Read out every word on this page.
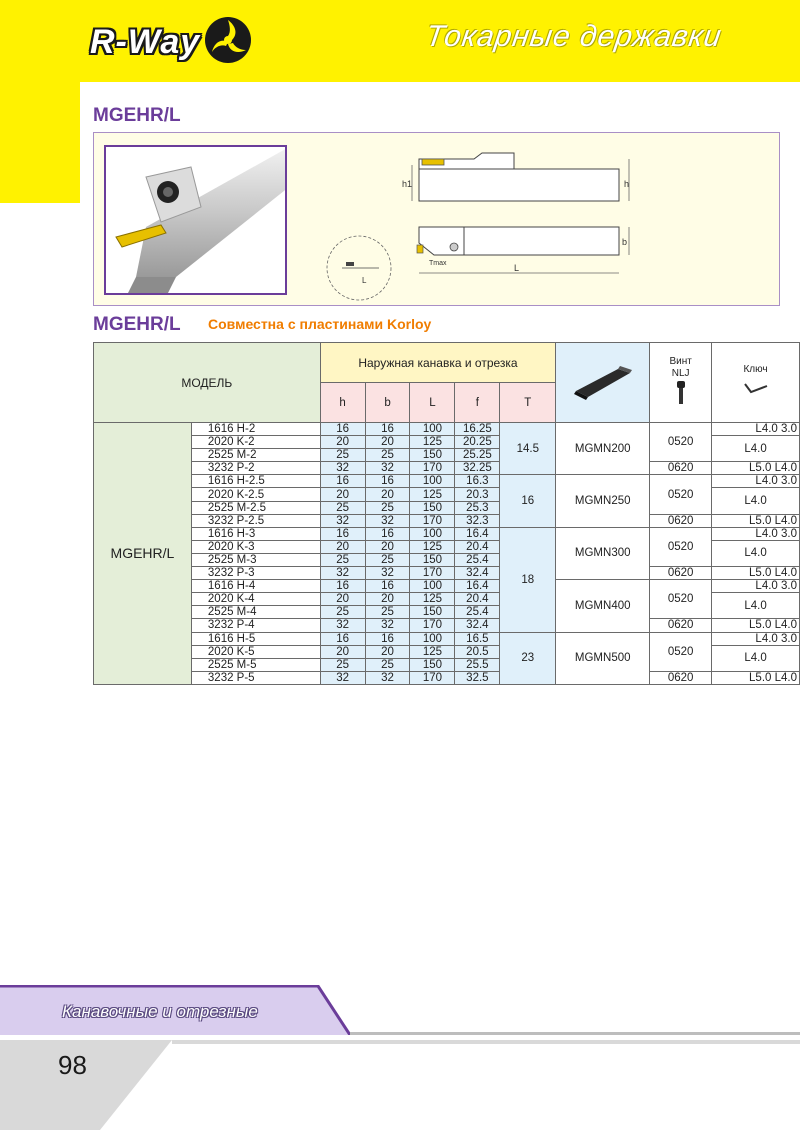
R-Way	Токарные державки
MGEHR/L
h1	h
b
L
Tmax
L
MGEHR/L Совместна с пластинами Korloy
МОДЕЛЬ		Наружная канавка и отрезка						Винт NLJ	Ключ

		h	b	L	f	T			
MGEHR/L	1616 H-2	16	16	100	16.25	14.5	MGMN200	0520	L4.0 3.0
	2020 K-2	20	20	125	20.25				L4.0
	2525 M-2	25	25	150	25.25				
	3232 P-2	32	32	170	32.25			0620	L5.0 L4.0
	1616 H-2.5	16	16	100	16.3	16	MGMN250	0520	L4.0 3.0
	2020 K-2.5	20	20	125	20.3				L4.0
	2525 M-2.5	25	25	150	25.3				
	3232 P-2.5	32	32	170	32.3			0620	L5.0 L4.0
	1616 H-3	16	16	100	16.4	18	MGMN300	0520	L4.0 3.0
	2020 K-3	20	20	125	20.4				L4.0
	2525 M-3	25	25	150	25.4				
	3232 P-3	32	32	170	32.4			0620	L5.0 L4.0
	1616 H-4	16	16	100	16.4		MGMN400	0520	L4.0 3.0
	2020 K-4	20	20	125	20.4				L4.0
	2525 M-4	25	25	150	25.4				
	3232 P-4	32	32	170	32.4			0620	L5.0 L4.0
	1616 H-5	16	16	100	16.5	23	MGMN500	0520	L4.0 3.0
	2020 K-5	20	20	125	20.5				L4.0
	2525 M-5	25	25	150	25.5				
	3232 P-5	32	32	170	32.5			0620	L5.0 L4.0
Канавочные и отрезные
98
